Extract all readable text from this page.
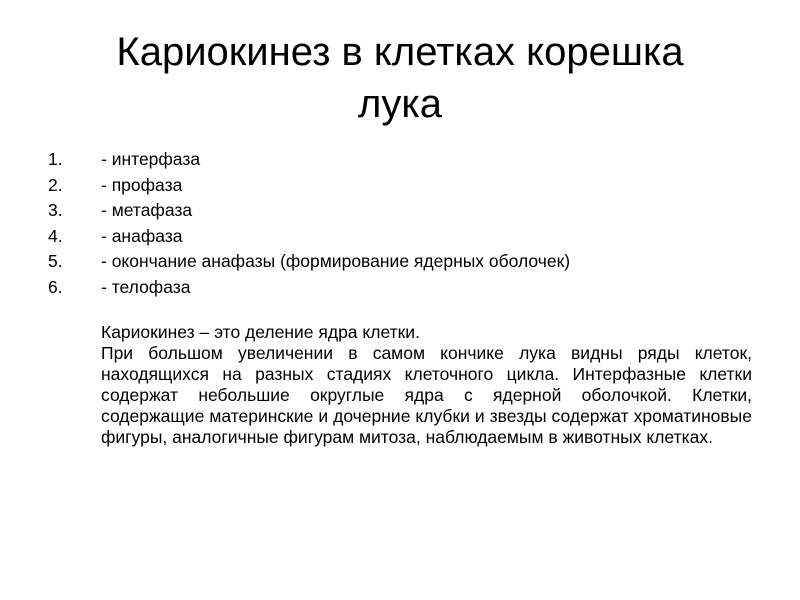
Кариокинез в клетках корешка
лука
1. - интерфаза
2. - профаза
3. - метафаза
4. - анафаза
5. - окончание анафазы (формирование ядерных оболочек)
6. - телофаза

Кариокинез – это деление ядра клетки.

При большом увеличении в самом кончике лука видны ряды клеток, находящихся на разных стадиях клеточного цикла. Интерфазные клетки содержат небольшие округлые ядра с ядерной оболочкой. Клетки, содержащие материнские и дочерние клубки и звезды содержат хроматиновые фигуры, аналогичные фигурам митоза, наблюдаемым в животных клетках.
